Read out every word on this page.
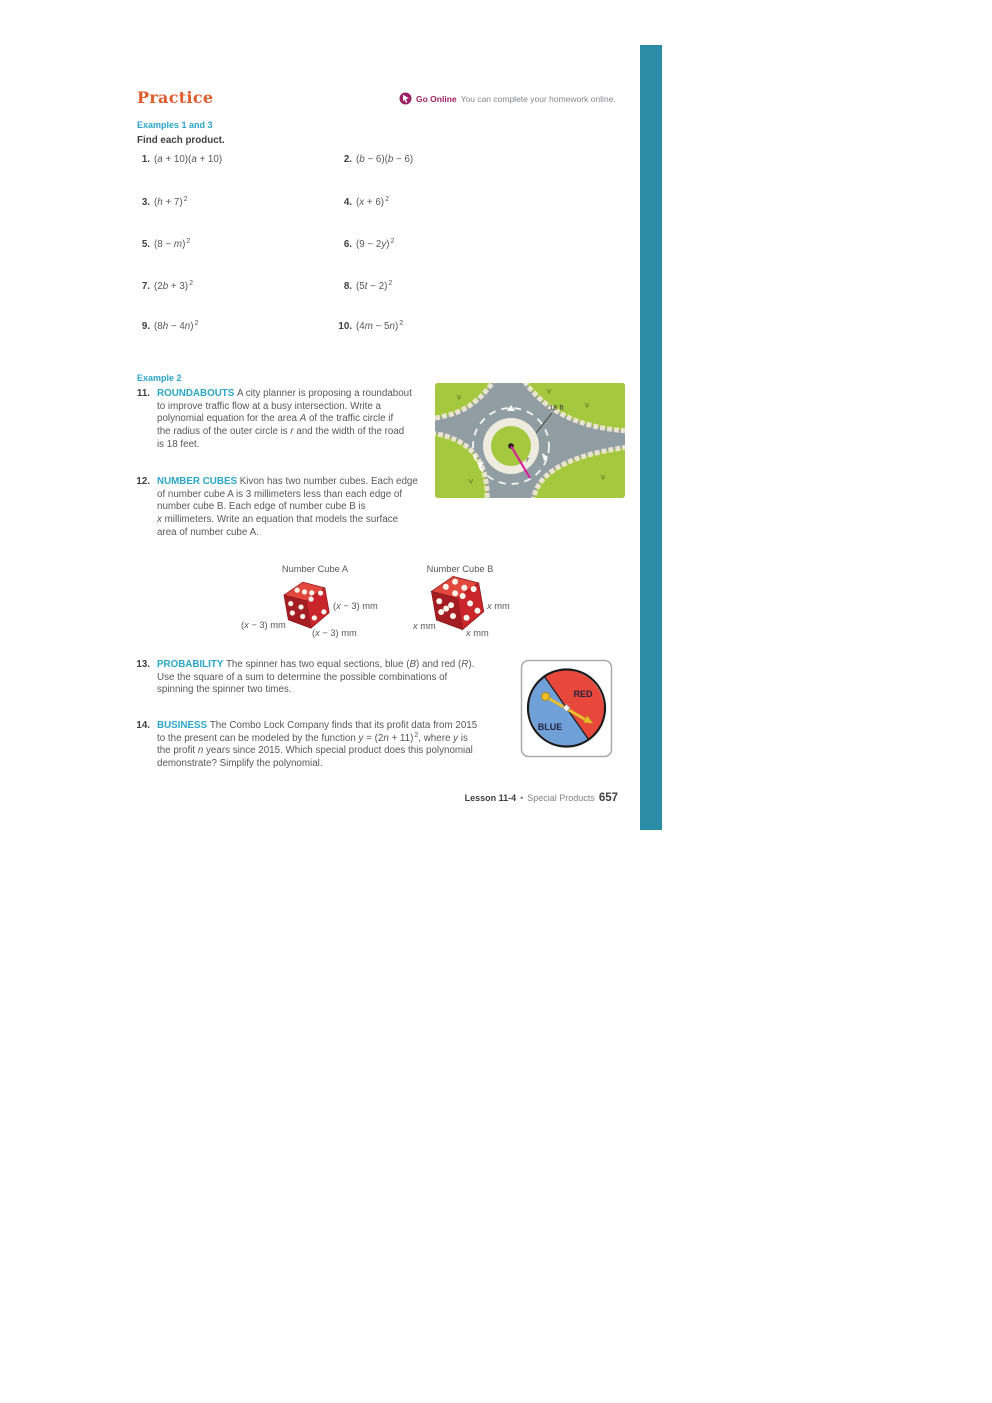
Practice	Go Online You can complete your homework online.
Examples 1 and 3
Find each product.
1. (a + 10)(a + 10)	2. (b − 6)(b − 6)
3. $(h + 7)^2$	4. $(x + 6)^2$
5. $(8 - m)^2$	6. $(9 - 2y)^2$
7. $(2b + 3)^2$	8. $(5t - 2)^2$
9. $(8h - 4n)^2$	10. $(4m - 5n)^2$
Example 2
11. ROUNDABOUTS A city planner is proposing a roundabout
to improve traffic flow at a busy intersection. Write a
polynomial equation for the area A of the traffic circle if
the radius of the outer circle is r and the width of the road
is 18 feet.
r
18 ft
12. NUMBER CUBES Kivon has two number cubes. Each edge
of number cube A is 3 millimeters less than each edge of
number cube B. Each edge of number cube B is
x millimeters. Write an equation that models the surface
area of number cube A.
Number Cube A	Number Cube B
(x − 3) mm
(x − 3) mm
(x − 3) mm
x mm
x mm
x mm
13. PROBABILITY The spinner has two equal sections, blue (B) and red (R).
Use the square of a sum to determine the possible combinations of
spinning the spinner two times.	RED
BLUE
14. BUSINESS The Combo Lock Company finds that its profit data from 2015
to the present can be modeled by the function $y = (2n + 11)^2$, where y is
the profit n years since 2015. Which special product does this polynomial
demonstrate? Simplify the polynomial.
Lesson 11-4 • Special Products 657
